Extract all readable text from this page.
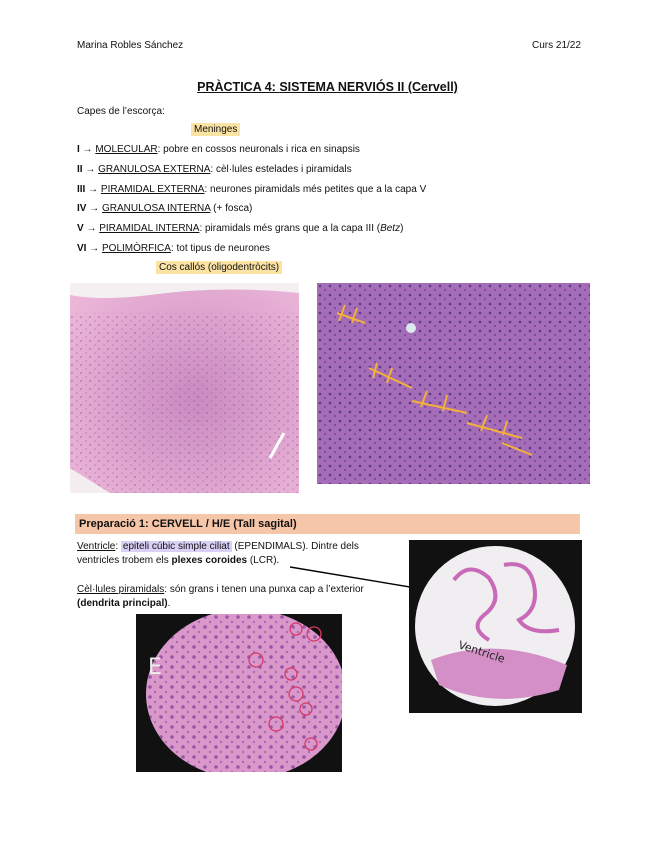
Marina Robles Sánchez	Curs 21/22
PRÀCTICA 4: SISTEMA NERVIÓS II (Cervell)
Capes de l’escorça:
Meninges
I → MOLECULAR: pobre en cossos neuronals i rica en sinapsis
II → GRANULOSA EXTERNA: cèl·lules estelades i piramidals
III → PIRAMIDAL EXTERNA: neurones piramidals més petites que a la capa V
IV → GRANULOSA INTERNA (+ fosca)
V → PIRAMIDAL INTERNA: piramidals més grans que a la capa III (Betz)
VI → POLIMÒRFICA: tot tipus de neurones
Cos callós (oligodentròcits)
Preparació 1: CERVELL / H/E (Tall sagital)
Ventricle: epiteli cúbic simple ciliat (EPENDIMALS). Dintre dels
ventricles trobem els plexes coroides (LCR).
Cèl·lules piramidals: són grans i tenen una punxa cap a l’exterior
(dendrita principal).
Ventricle
E
